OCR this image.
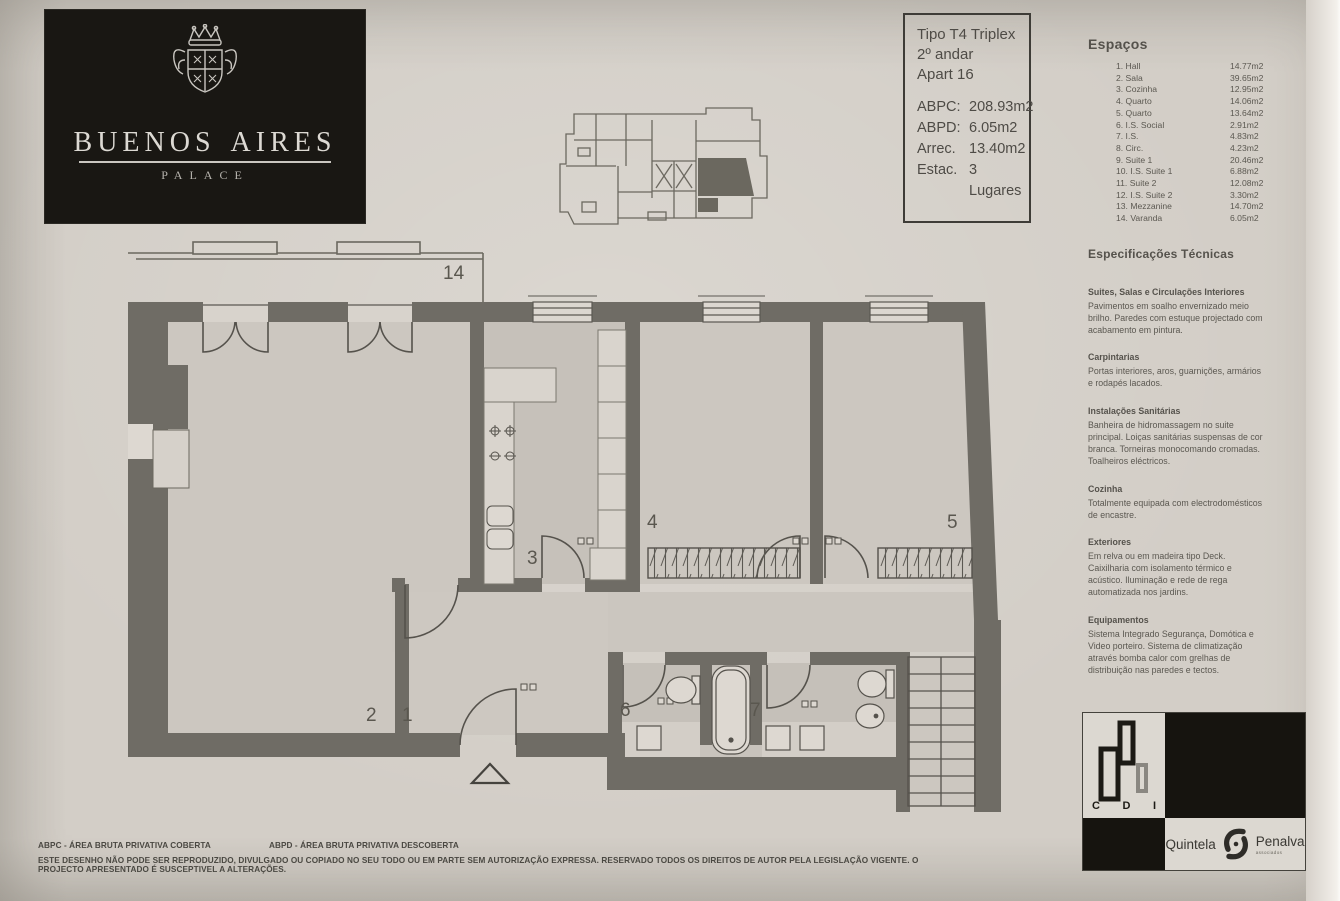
14
2 1
3
4	5
6	7
buenos aires
PALACE
Tipo T4 Triplex
2º andar
Apart 16
ABPC: 208.93m2
ABPD: 6.05m2
Arrec. 13.40m2
Estac. 3 Lugares
Espaços
1. Hall	14.77m2
2. Sala	39.65m2
3. Cozinha	12.95m2
4. Quarto	14.06m2
5. Quarto	13.64m2
6. I.S. Social	2.91m2
7. I.S.	4.83m2
8. Circ.	4.23m2
9. Suite 1	20.46m2
10. I.S. Suite 1	6.88m2
11. Suite 2	12.08m2
12. I.S. Suite 2	3.30m2
13. Mezzanine	14.70m2
14. Varanda	6.05m2
Especificações Técnicas
Suites, Salas e Circulações Interiores
Pavimentos em soalho envernizado meio brilho. Paredes com estuque projectado com acabamento em pintura.
Carpintarias
Portas interiores, aros, guarnições, armários e rodapés lacados.
Instalações Sanitárias
Banheira de hidromassagem no suite principal. Loiças sanitárias suspensas de cor branca. Torneiras monocomando cromadas. Toalheiros eléctricos.
Cozinha
Totalmente equipada com electrodomésticos de encastre.
Exteriores
Em relva ou em madeira tipo Deck. Caixilharia com isolamento térmico e acústico. Iluminação e rede de rega automatizada nos jardins.
Equipamentos
Sistema Integrado Segurança, Domótica e Video porteiro. Sistema de climatização através bomba calor com grelhas de distribuição nas paredes e tectos.
C D I
Quintela	Penalva
associados
ABPC - ÁREA BRUTA PRIVATIVA COBERTA	ABPD - ÁREA BRUTA PRIVATIVA DESCOBERTA
ESTE DESENHO NÃO PODE SER REPRODUZIDO, DIVULGADO OU COPIADO NO SEU TODO OU EM PARTE SEM AUTORIZAÇÃO EXPRESSA. RESERVADO TODOS OS DIREITOS DE AUTOR PELA LEGISLAÇÃO VIGENTE. O PROJECTO APRESENTADO É SUSCEPTIVEL A ALTERAÇÕES.
